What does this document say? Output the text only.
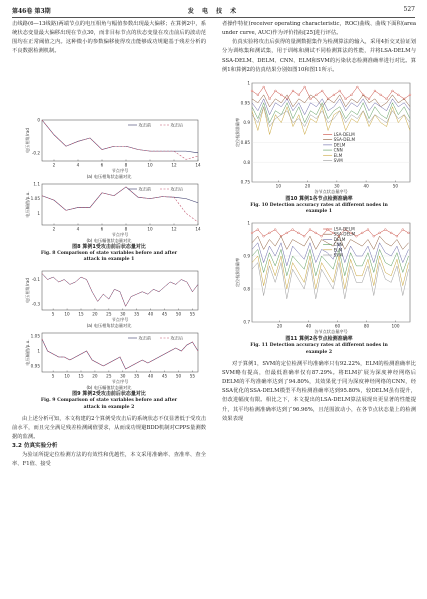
第46卷 第3期	发 电 技 术	527

击线路(6—13线路)两端节点的电压相角与幅值参数出现最大偏移；在算例2中，系统状态变量最大偏移出现在节点30，而非目标节点的状态变量在攻击前后的波动范围均在正常阈值之内。这种微小的参数偏移使得攻击能够成功规避基于残差分析的不良数据检测机制。

0
-0.2
2	4	6	8	10	12	14
电压相角/rad
节点序号
攻击前	攻击后
(a) 电压相角状态量对比
1.1
1.05
1
2	4	6	8	10	12	14
电压幅值/p.u.
节点序号
攻击前	攻击后
(b) 电压幅值状态量对比
图8 算例1受攻击前后状态量对比
Fig. 8 Comparison of state variables before and after
attack in example 1
-0.1
-0.3
5 10 15 20 25 30 35 40 45 50 55
电压相角/rad
节点序号
(a) 电压相角状态量对比
1.05
1
0.95
5 10 15 20 25 30 35 40 45 50 55
电压幅值/p.u.
节点序号
攻击前	攻击后
(b) 电压幅值状态量对比
图9 算例2受攻击前后状态量对比
Fig. 9 Comparison of state variables before and after
attack in example 2

由上述分析可知，本文构建的2个算例受攻击后的系统状态不仅显著低于受攻击前水平，而且完全满足残差检测阈值要求，从而成功规避BDD机制对CPPS量测数据的监测。

3.2 仿真实验分析

为验证所提定位检测方法的有效性和优越性，本文采用准确率、查准率、查全率、F1值、接受

者操作特征(receiver operating characteristic，ROC)曲线、曲线下面积(area under curve, AUC)作为评价指标[25]进行评估。

仿真实验将攻击后获得的量测数据集作为检测算法的输入，采用4折交叉验证划分为训练集和测试集，用于训练和测试不同检测算法的性能，并将LSA-DELM与SSA-DELM、DELM、CNN、ELM和SVM的污染状态检测准确率进行对比。算例1和算例2的仿真结果分别如图10和图11所示。

0.75
0.8
0.85
0.9
0.95
1
10	20	30	40	50
定位检测准确率
各节点状态量序号
LSA-DELM
SSA-DELM
DELM
CNN
ELM
SVM
图10 算例1各节点检测准确率
Fig. 10 Detection accuracy rates at different nodes in
example 1
0.7
0.8
0.9
1
20	40	60	80	100
定位检测准确率
各节点状态量序号
LSA-DELM
SSA-DELM
DELM
CNN
ELM
SVM
图11 算例2各节点检测准确率
Fig. 11 Detection accuracy rates at different nodes in
example 2

对于算例1，SVM的定位检测平均准确率只有92.22%，ELM的检测准确率比SVM略有提高，但最低准确率仅有87.29%。将ELM扩展为深度神经网络后DELM的平均准确率达到了94.80%，其效果优于同为深度神经网络的CNN，经SSA优化的SSA-DELM模型平均检测准确率达到95.80%，较DELM虽有提升，但改进幅度有限。相比之下，本文提出的LSA-DELM算法展现出更显著的性能提升，其平均检测准确率达到了96.96%，且范围波动小，在各节点状态量上的检测效果表现
